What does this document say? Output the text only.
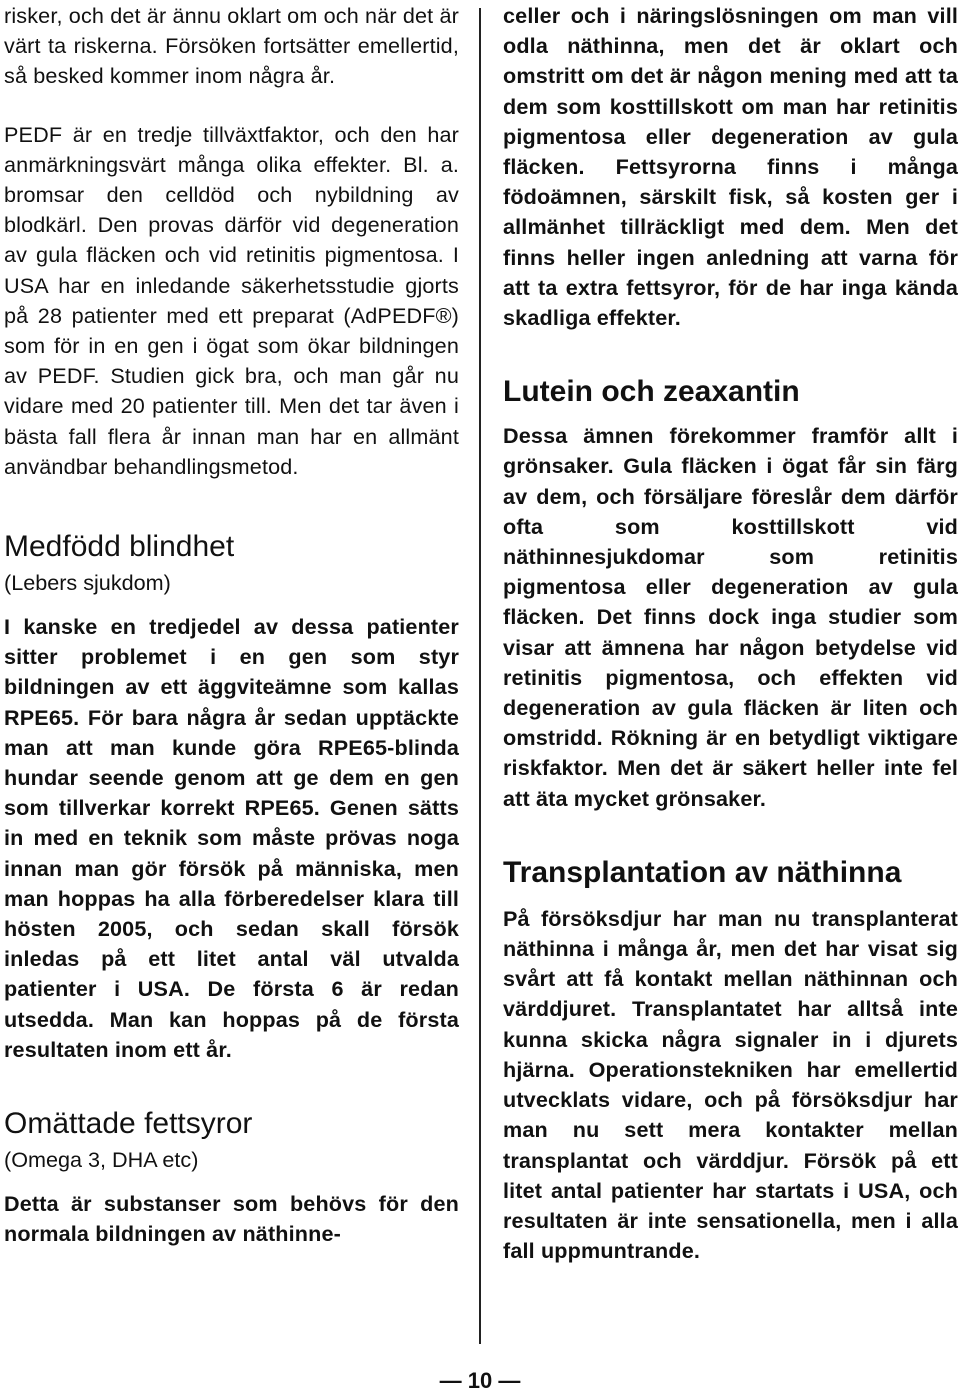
risker, och det är ännu oklart om och när det är värt ta riskerna. Försöken fortsätter emellertid, så besked kommer inom några år.

PEDF är en tredje tillväxtfaktor, och den har anmärkningsvärt många olika effekter. Bl. a. bromsar den celldöd och nybildning av blodkärl. Den provas därför vid degeneration av gula fläcken och vid retinitis pigmentosa. I USA har en inledande säkerhetsstudie gjorts på 28 patienter med ett preparat (AdPEDF®) som för in en gen i ögat som ökar bildningen av PEDF. Studien gick bra, och man går nu vidare med 20 patienter till. Men det tar även i bästa fall flera år innan man har en allmänt användbar behandlingsmetod.

Medfödd blindhet

(Lebers sjukdom)

I kanske en tredjedel av dessa patienter sitter problemet i en gen som styr bildningen av ett äggviteämne som kallas RPE65. För bara några år sedan upptäckte man att man kunde göra RPE65-blinda hundar seende genom att ge dem en gen som tillverkar korrekt RPE65. Genen sätts in med en teknik som måste prövas noga innan man gör försök på människa, men man hoppas ha alla förberedelser klara till hösten 2005, och sedan skall försök inledas på ett litet antal väl utvalda patienter i USA. De första 6 är redan utsedda. Man kan hoppas på de första resultaten inom ett år.

Omättade fettsyror

(Omega 3, DHA etc)

Detta är substanser som behövs för den normala bildningen av näthinne-

celler och i näringslösningen om man vill odla näthinna, men det är oklart och omstritt om det är någon mening med att ta dem som kosttillskott om man har retinitis pigmentosa eller degeneration av gula fläcken. Fettsyrorna finns i många födoämnen, särskilt fisk, så kosten ger i allmänhet tillräckligt med dem. Men det finns heller ingen anledning att varna för att ta extra fettsyror, för de har inga kända skadliga effekter.

Lutein och zeaxantin

Dessa ämnen förekommer framför allt i grönsaker. Gula fläcken i ögat får sin färg av dem, och försäljare föreslår dem därför ofta som kosttillskott vid näthinnesjukdomar som retinitis pigmentosa eller degeneration av gula fläcken. Det finns dock inga studier som visar att ämnena har någon betydelse vid retinitis pigmentosa, och effekten vid degeneration av gula fläcken är liten och omstridd. Rökning är en betydligt viktigare riskfaktor. Men det är säkert heller inte fel att äta mycket grönsaker.

Transplantation av näthinna

På försöksdjur har man nu transplanterat näthinna i många år, men det har visat sig svårt att få kontakt mellan näthinnan och värddjuret. Transplantatet har alltså inte kunna skicka några signaler in i djurets hjärna. Operationstekniken har emellertid utvecklats vidare, och på försöksdjur har man nu sett mera kontakter mellan transplantat och värddjur. Försök på ett litet antal patienter har startats i USA, och resultaten är inte sensationella, men i alla fall uppmuntrande.

— 10 —
